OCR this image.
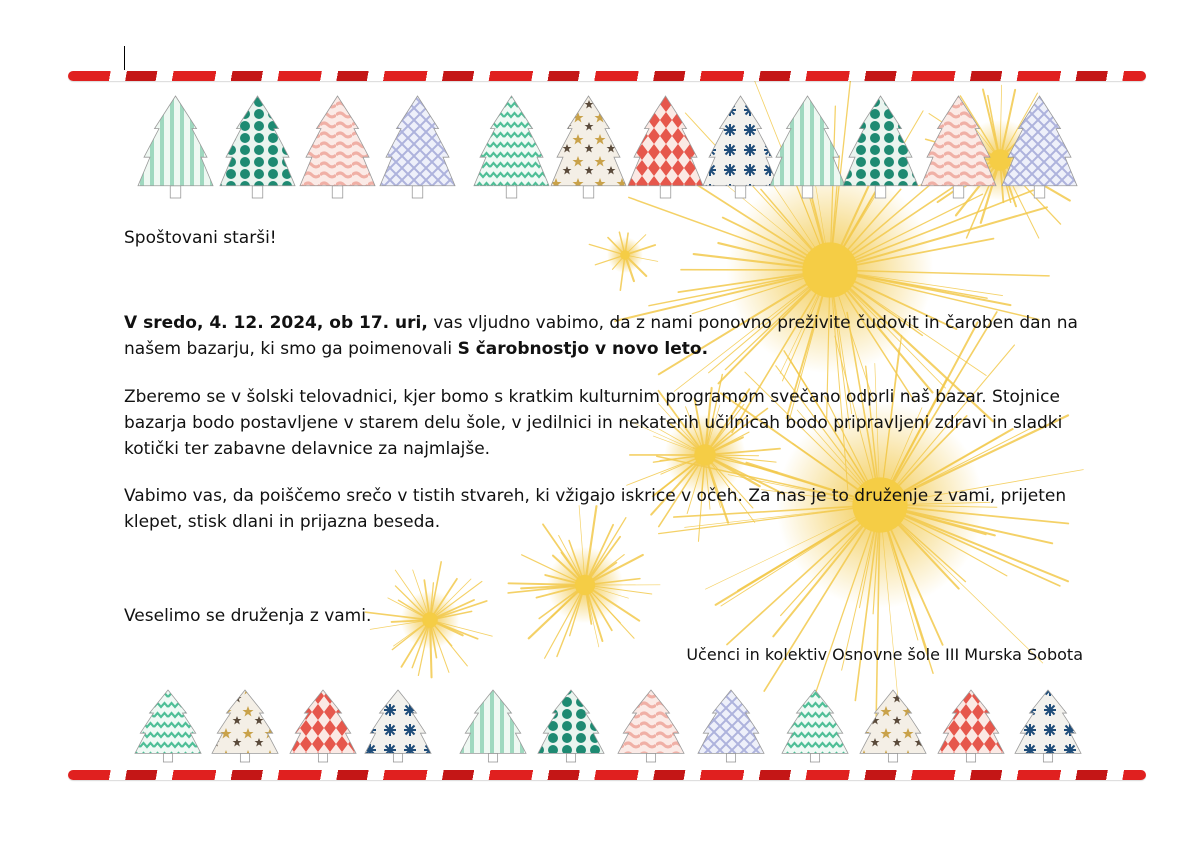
Spoštovani starši!

V sredo, 4. 12. 2024, ob 17. uri, vas vljudno vabimo, da z nami ponovno preživite čudovit in čaroben dan na našem bazarju, ki smo ga poimenovali S čarobnostjo v novo leto.

Zberemo se v šolski telovadnici, kjer bomo s kratkim kulturnim programom svečano odprli naš bazar. Stojnice bazarja bodo postavljene v starem delu šole, v jedilnici in nekaterih učilnicah bodo pripravljeni zdravi in sladki kotički ter zabavne delavnice za najmlajše.

Vabimo vas, da poiščemo srečo v tistih stvareh, ki vžigajo iskrice v očeh. Za nas je to druženje z vami, prijeten klepet, stisk dlani in prijazna beseda.

Veselimo se druženja z vami.

Učenci in kolektiv Osnovne šole III Murska Sobota
